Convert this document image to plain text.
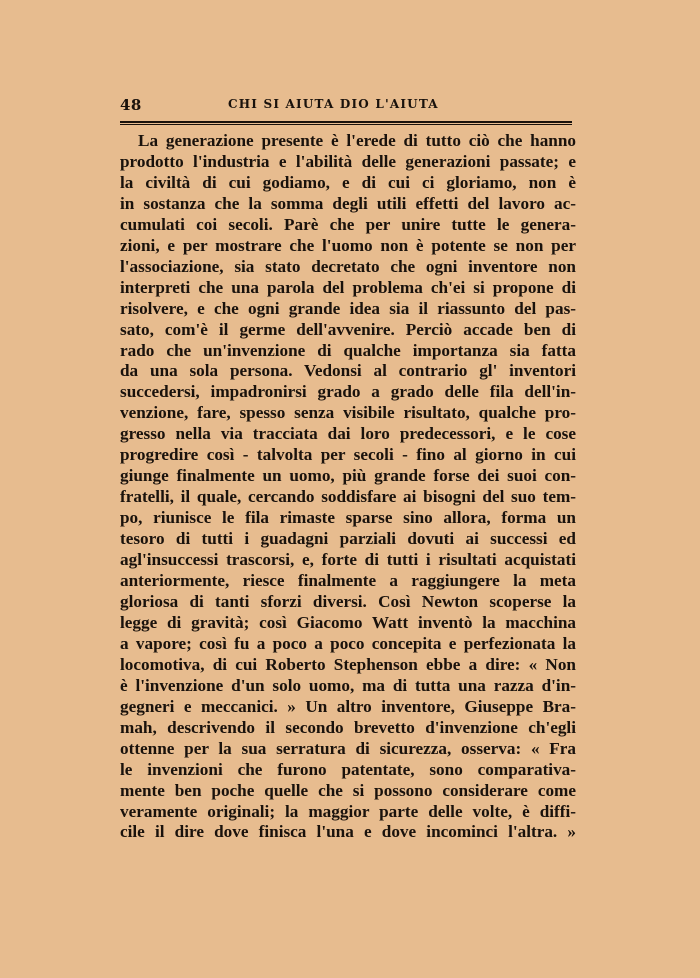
48	CHI SI AIUTA DIO L'AIUTA
La generazione presente è l'erede di tutto ciò che hanno
prodotto l'industria e l'abilità delle generazioni passate; e
la civiltà di cui godiamo, e di cui ci gloriamo, non è
in sostanza che la somma degli utili effetti del lavoro ac-
cumulati coi secoli. Parè che per unire tutte le genera-
zioni, e per mostrare che l'uomo non è potente se non per
l'associazione, sia stato decretato che ogni inventore non
interpreti che una parola del problema ch'ei si propone di
risolvere, e che ogni grande idea sia il riassunto del pas-
sato, com'è il germe dell'avvenire. Perciò accade ben di
rado che un'invenzione di qualche importanza sia fatta
da una sola persona. Vedonsi al contrario gl' inventori
succedersi, impadronirsi grado a grado delle fila dell'in-
venzione, fare, spesso senza visibile risultato, qualche pro-
gresso nella via tracciata dai loro predecessori, e le cose
progredire così - talvolta per secoli - fino al giorno in cui
giunge finalmente un uomo, più grande forse dei suoi con-
fratelli, il quale, cercando soddisfare ai bisogni del suo tem-
po, riunisce le fila rimaste sparse sino allora, forma un
tesoro di tutti i guadagni parziali dovuti ai successi ed
agl'insuccessi trascorsi, e, forte di tutti i risultati acquistati
anteriormente, riesce finalmente a raggiungere la meta
gloriosa di tanti sforzi diversi. Così Newton scoperse la
legge di gravità; così Giacomo Watt inventò la macchina
a vapore; così fu a poco a poco concepita e perfezionata la
locomotiva, di cui Roberto Stephenson ebbe a dire: « Non
è l'invenzione d'un solo uomo, ma di tutta una razza d'in-
gegneri e meccanici. » Un altro inventore, Giuseppe Bra-
mah, descrivendo il secondo brevetto d'invenzione ch'egli
ottenne per la sua serratura di sicurezza, osserva: « Fra
le invenzioni che furono patentate, sono comparativa-
mente ben poche quelle che si possono considerare come
veramente originali; la maggior parte delle volte, è diffi-
cile il dire dove finisca l'una e dove incominci l'altra. »
